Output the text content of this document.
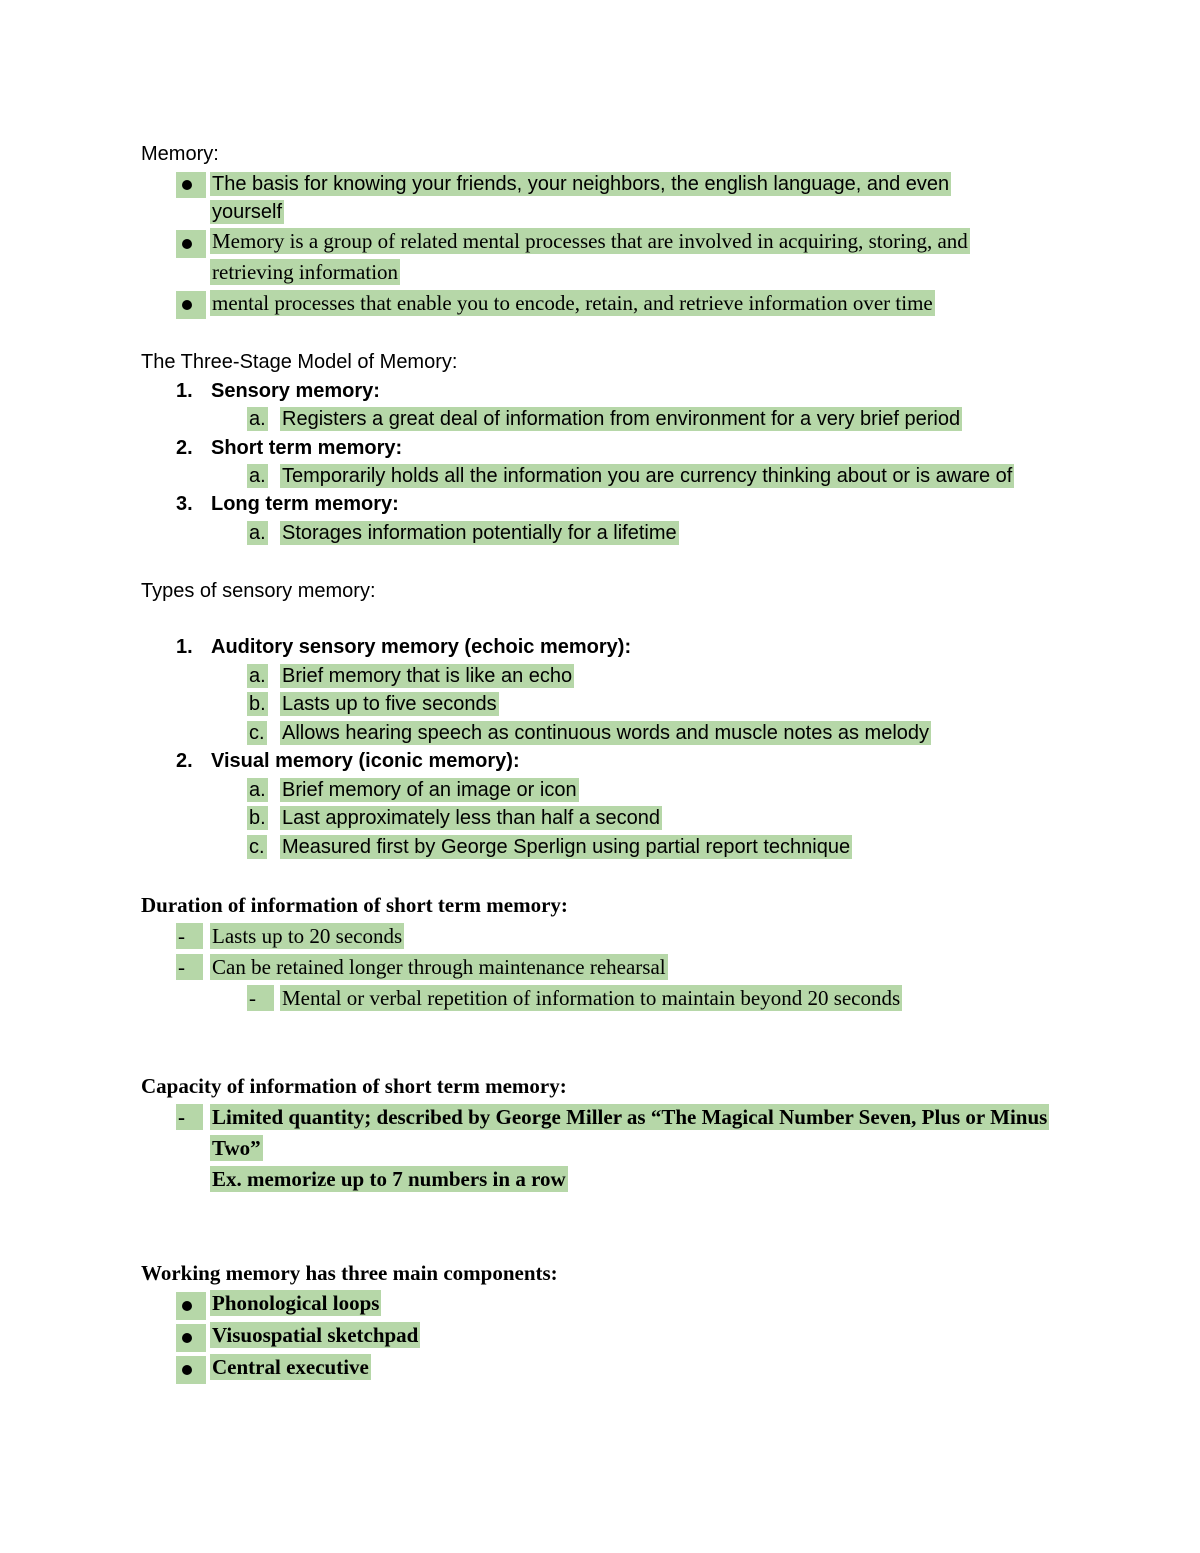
Memory:
The basis for knowing your friends, your neighbors, the english language, and even
yourself
Memory is a group of related mental processes that are involved in acquiring, storing, and
retrieving information
mental processes that enable you to encode, retain, and retrieve information over time
The Three-Stage Model of Memory:
1. Sensory memory:
a. Registers a great deal of information from environment for a very brief period
2. Short term memory:
a. Temporarily holds all the information you are currency thinking about or is aware of
3. Long term memory:
a. Storages information potentially for a lifetime
Types of sensory memory:
1. Auditory sensory memory (echoic memory):
a. Brief memory that is like an echo
b. Lasts up to five seconds
c. Allows hearing speech as continuous words and muscle notes as melody
2. Visual memory (iconic memory):
a. Brief memory of an image or icon
b. Last approximately less than half a second
c. Measured first by George Sperlign using partial report technique
Duration of information of short term memory:
-	Lasts up to 20 seconds
-	Can be retained longer through maintenance rehearsal
-	Mental or verbal repetition of information to maintain beyond 20 seconds
Capacity of information of short term memory:
-	Limited quantity; described by George Miller as “The Magical Number Seven, Plus or Minus
Two”
Ex. memorize up to 7 numbers in a row
Working memory has three main components:
Phonological loops
Visuospatial sketchpad
Central executive
